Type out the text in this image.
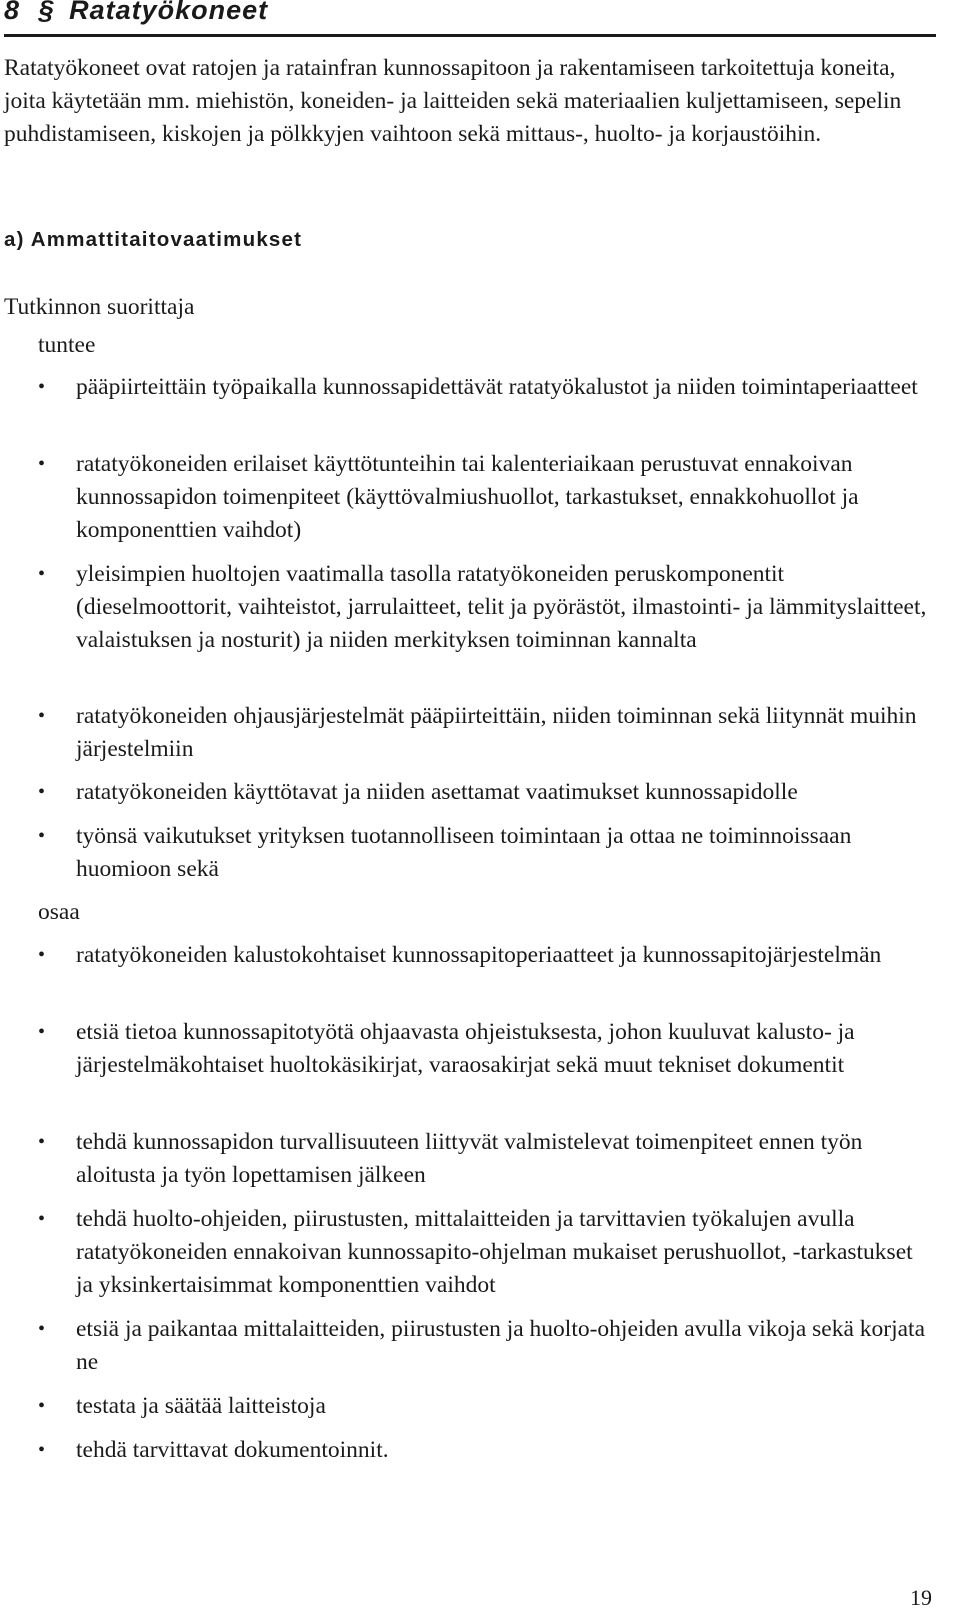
8 § Ratatyökoneet
Ratatyökoneet ovat ratojen ja ratainfran kunnossapitoon ja rakentamiseen tarkoitettuja koneita, joita käytetään mm. miehistön, koneiden- ja laitteiden sekä materiaalien kuljettamiseen, sepelin puhdistamiseen, kiskojen ja pölkkyjen vaihtoon sekä mittaus-, huolto- ja korjaustöihin.
a) Ammattitaitovaatimukset
Tutkinnon suorittaja
tuntee
•	pääpiirteittäin työpaikalla kunnossapidettävät ratatyökalustot ja niiden toimintaperiaatteet
•	ratatyökoneiden erilaiset käyttötunteihin tai kalenteriaikaan perustuvat ennakoivan kunnossapidon toimenpiteet (käyttövalmiushuollot, tarkastukset, ennakkohuollot ja komponenttien vaihdot)
•	yleisimpien huoltojen vaatimalla tasolla ratatyökoneiden peruskomponentit (dieselmoottorit, vaihteistot, jarrulaitteet, telit ja pyörästöt, ilmastointi- ja lämmityslaitteet, valaistuksen ja nosturit) ja niiden merkityksen toiminnan kannalta
•	ratatyökoneiden ohjausjärjestelmät pääpiirteittäin, niiden toiminnan sekä liitynnät muihin järjestelmiin
•	ratatyökoneiden käyttötavat ja niiden asettamat vaatimukset kunnossapidolle
•	työnsä vaikutukset yrityksen tuotannolliseen toimintaan ja ottaa ne toiminnoissaan huomioon sekä
osaa
•	ratatyökoneiden kalustokohtaiset kunnossapitoperiaatteet ja kunnossapitojärjestelmän
•	etsiä tietoa kunnossapitotyötä ohjaavasta ohjeistuksesta, johon kuuluvat kalusto- ja järjestelmäkohtaiset huoltokäsikirjat, varaosakirjat sekä muut tekniset dokumentit
•	tehdä kunnossapidon turvallisuuteen liittyvät valmistelevat toimenpiteet ennen työn aloitusta ja työn lopettamisen jälkeen
•	tehdä huolto-ohjeiden, piirustusten, mittalaitteiden ja tarvittavien työkalujen avulla ratatyökoneiden ennakoivan kunnossapito-ohjelman mukaiset perushuollot, -tarkastukset ja yksinkertaisimmat komponenttien vaihdot
•	etsiä ja paikantaa mittalaitteiden, piirustusten ja huolto-ohjeiden avulla vikoja sekä korjata ne
•	testata ja säätää laitteistoja
•	tehdä tarvittavat dokumentoinnit.
19
